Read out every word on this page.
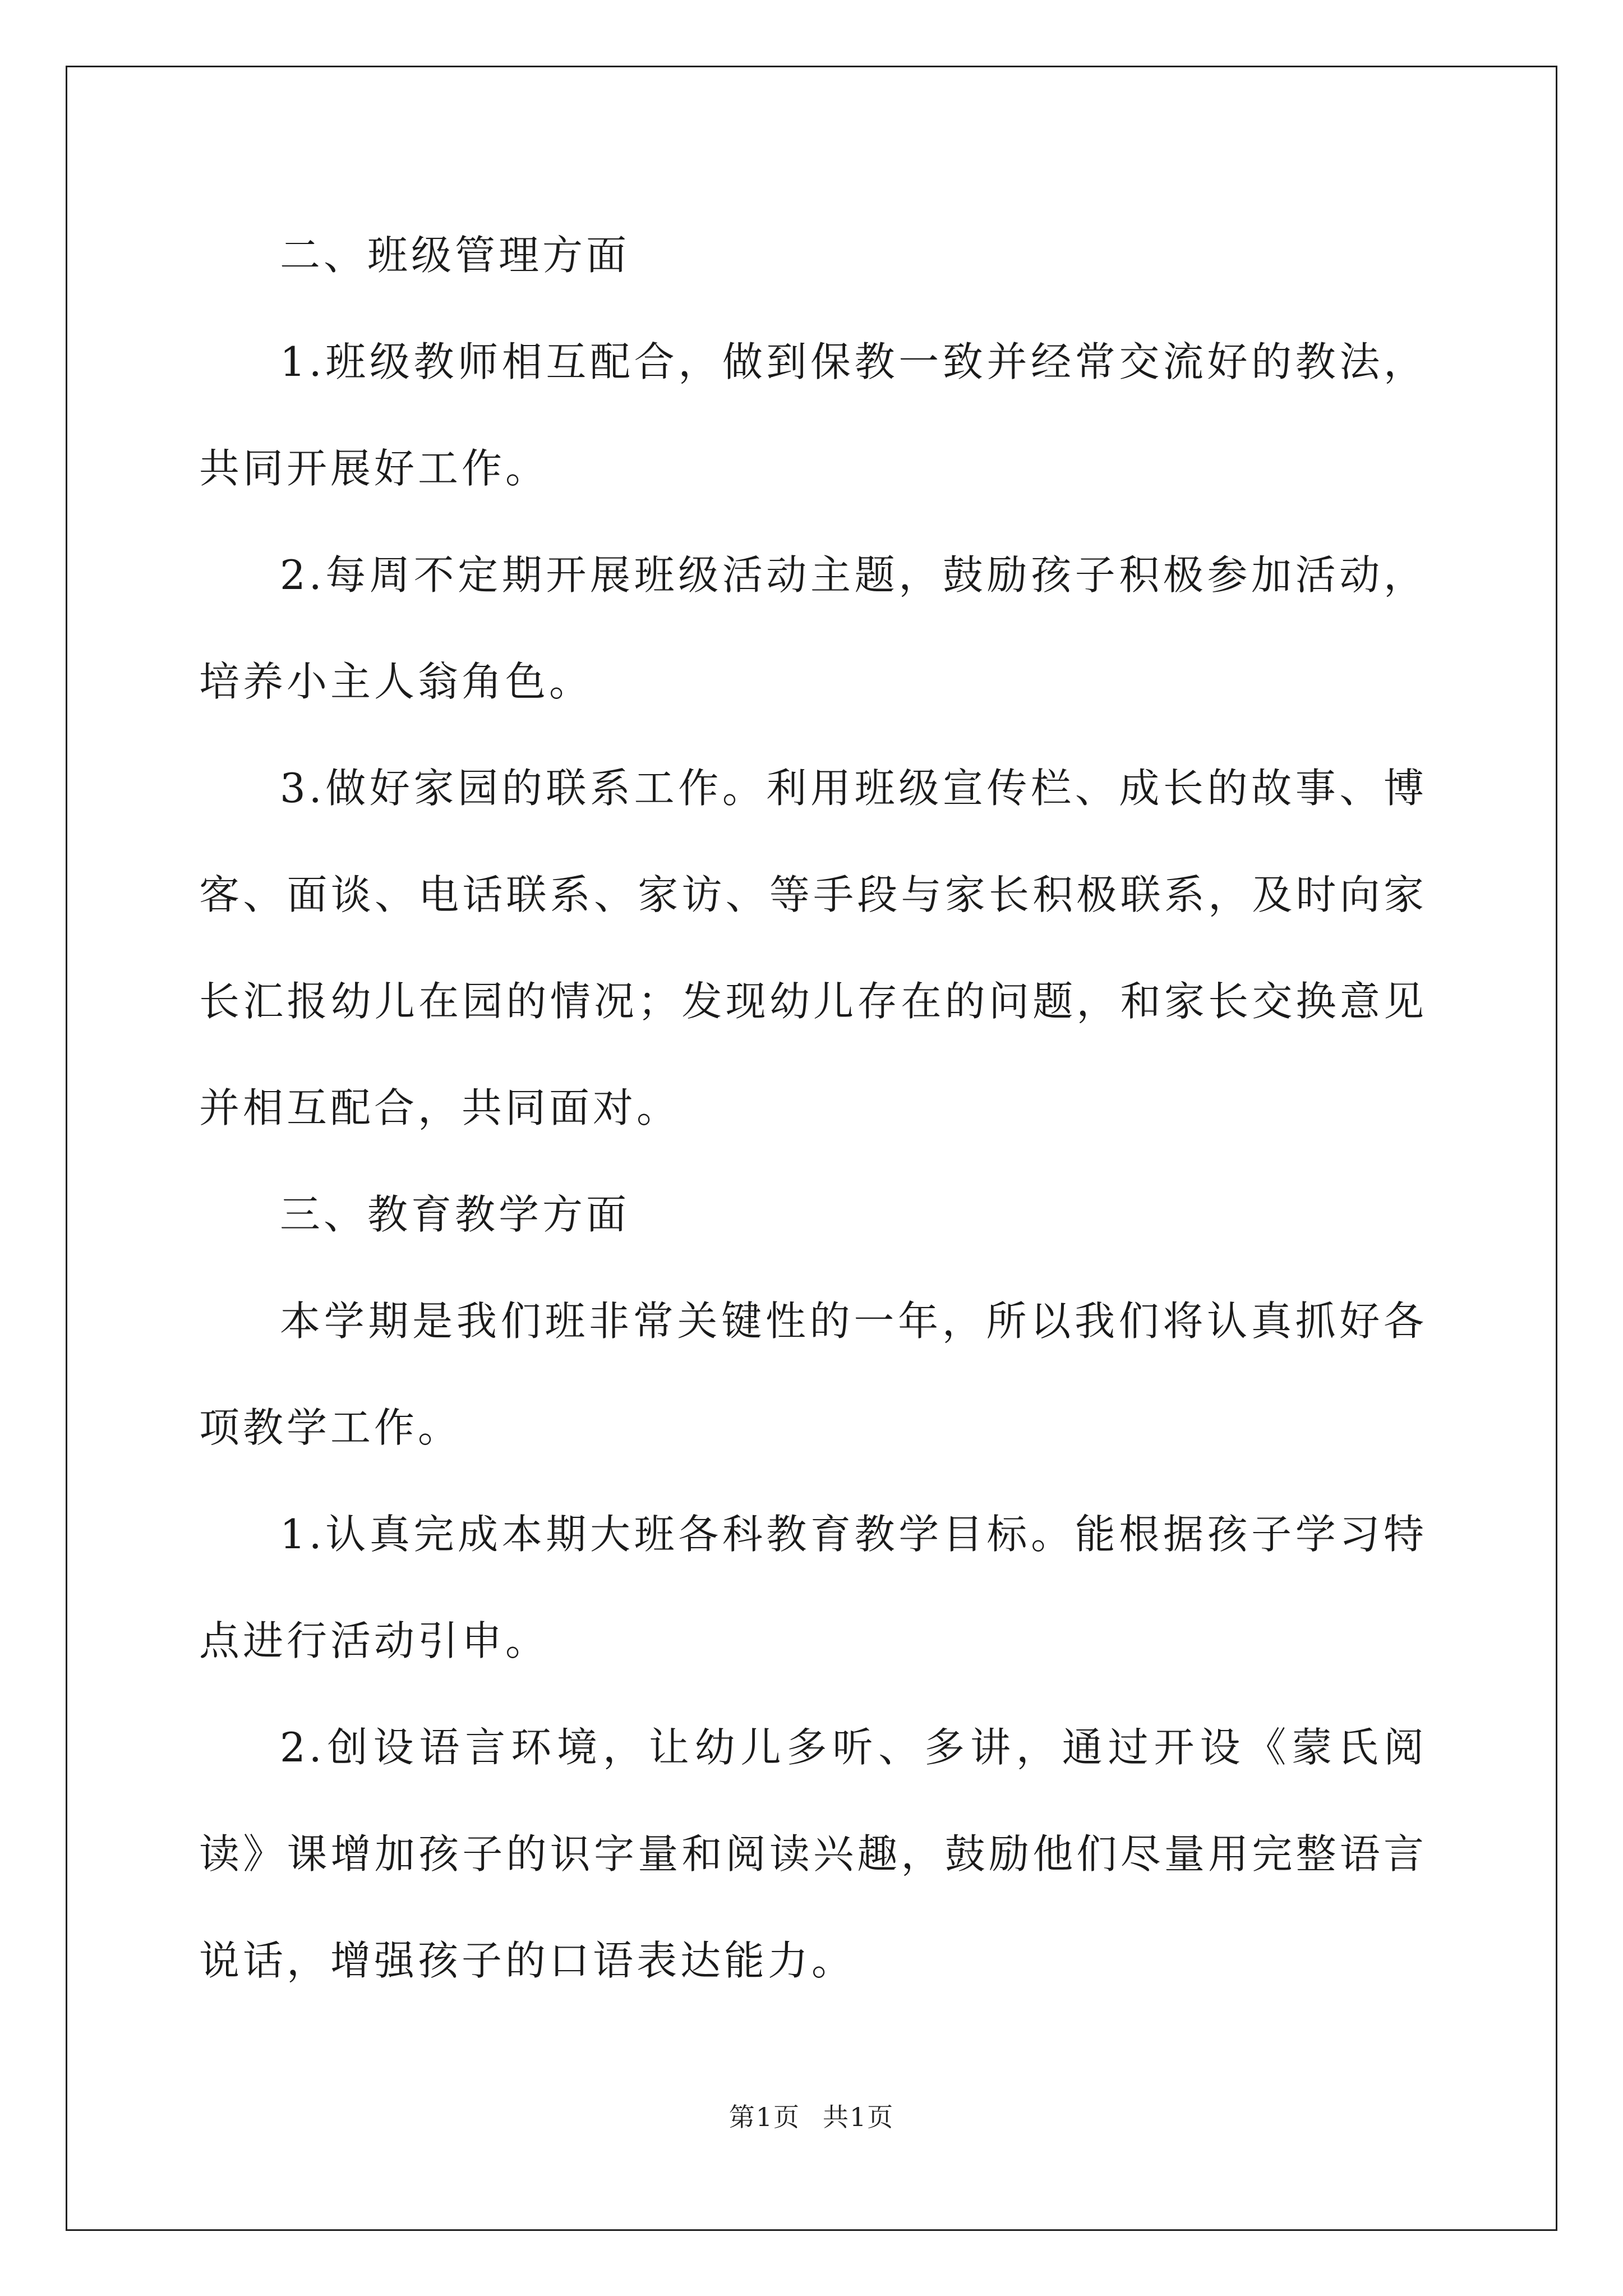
二、班级管理方面

1.班级教师相互配合，做到保教一致并经常交流好的教法，共同开展好工作。

2.每周不定期开展班级活动主题，鼓励孩子积极参加活动，培养小主人翁角色。

3.做好家园的联系工作。利用班级宣传栏、成长的故事、博客、面谈、电话联系、家访、等手段与家长积极联系，及时向家长汇报幼儿在园的情况；发现幼儿存在的问题，和家长交换意见并相互配合，共同面对。

三、教育教学方面

本学期是我们班非常关键性的一年，所以我们将认真抓好各项教学工作。

1.认真完成本期大班各科教育教学目标。能根据孩子学习特点进行活动引申。

2.创设语言环境，让幼儿多听、多讲，通过开设《蒙氏阅读》课增加孩子的识字量和阅读兴趣，鼓励他们尽量用完整语言说话，增强孩子的口语表达能力。

第1页 共1页
